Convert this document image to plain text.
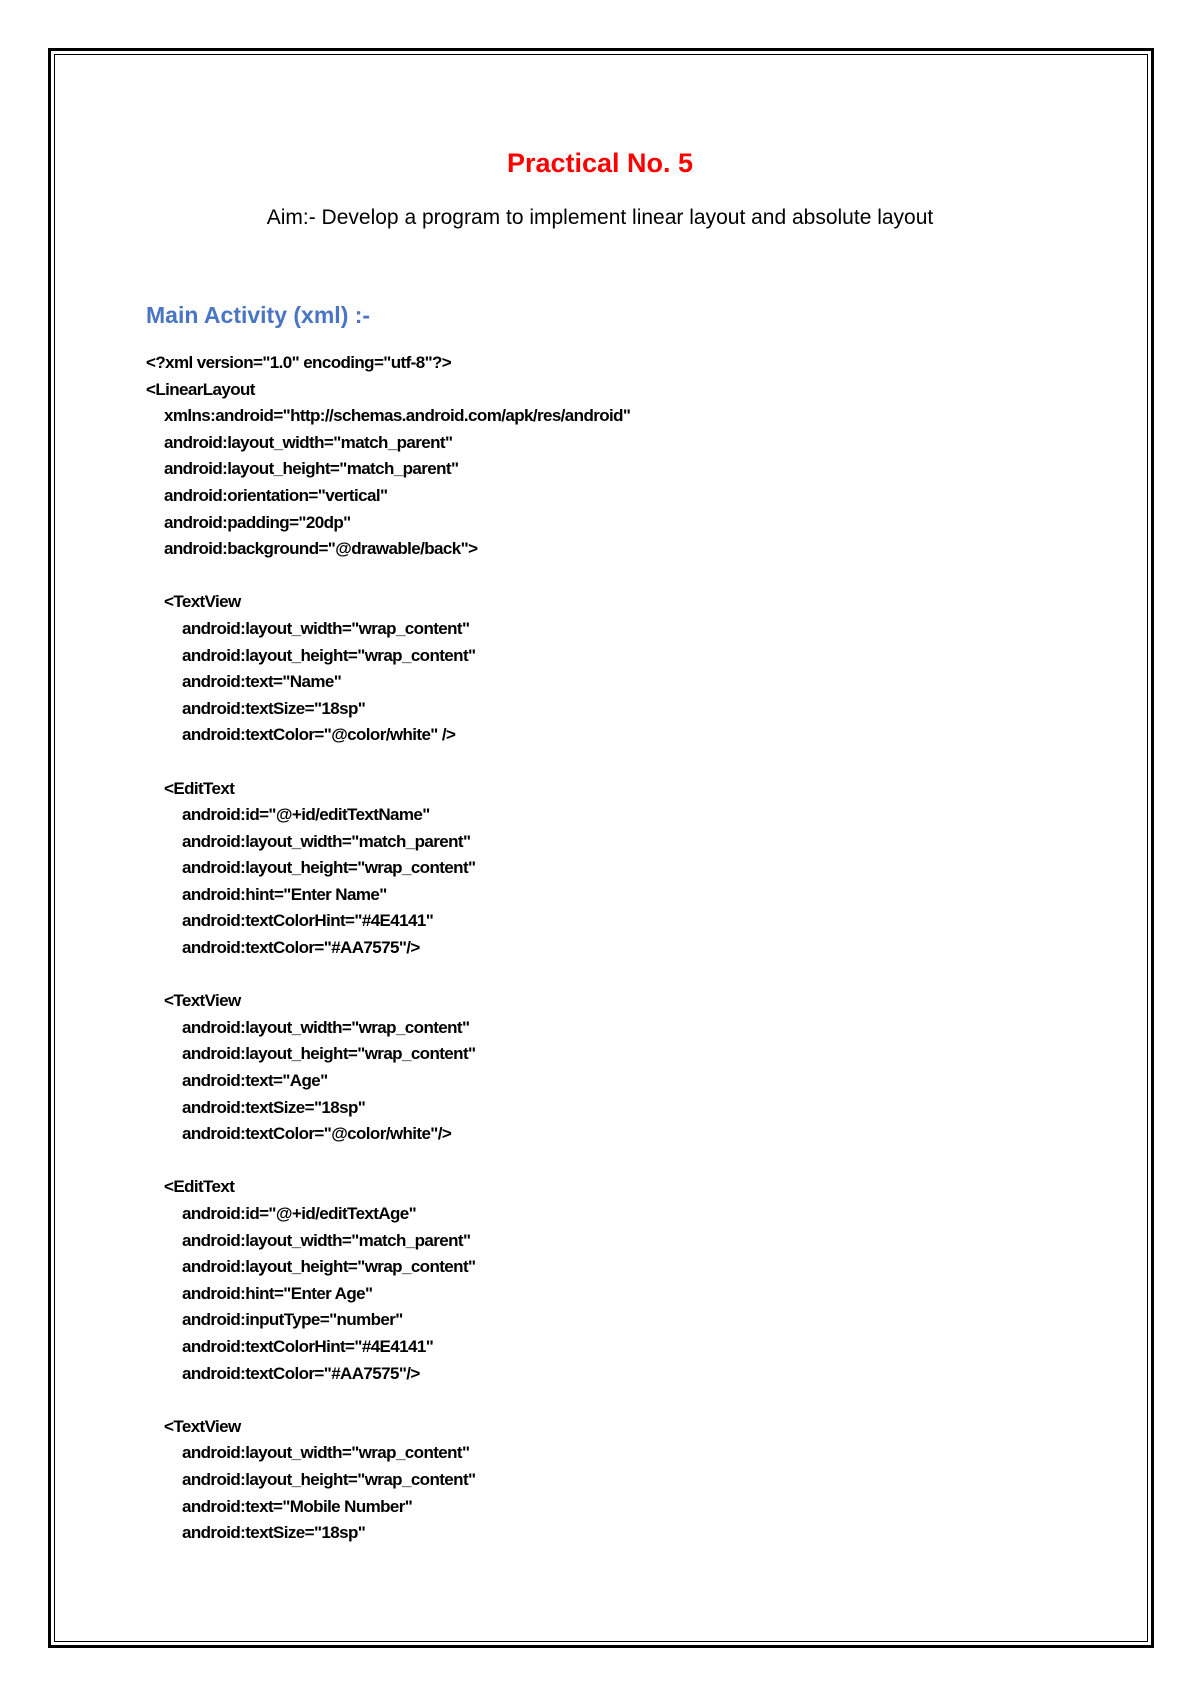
Practical No. 5
Aim:- Develop a program to implement linear layout and absolute layout
Main Activity (xml) :-
<?xml version="1.0" encoding="utf-8"?>
<LinearLayout
xmlns:android="http://schemas.android.com/apk/res/android"
android:layout_width="match_parent"
android:layout_height="match_parent"
android:orientation="vertical"
android:padding="20dp"
android:background="@drawable/back">
<TextView
android:layout_width="wrap_content"
android:layout_height="wrap_content"
android:text="Name"
android:textSize="18sp"
android:textColor="@color/white" />
<EditText
android:id="@+id/editTextName"
android:layout_width="match_parent"
android:layout_height="wrap_content"
android:hint="Enter Name"
android:textColorHint="#4E4141"
android:textColor="#AA7575"/>
<TextView
android:layout_width="wrap_content"
android:layout_height="wrap_content"
android:text="Age"
android:textSize="18sp"
android:textColor="@color/white"/>
<EditText
android:id="@+id/editTextAge"
android:layout_width="match_parent"
android:layout_height="wrap_content"
android:hint="Enter Age"
android:inputType="number"
android:textColorHint="#4E4141"
android:textColor="#AA7575"/>
<TextView
android:layout_width="wrap_content"
android:layout_height="wrap_content"
android:text="Mobile Number"
android:textSize="18sp"
